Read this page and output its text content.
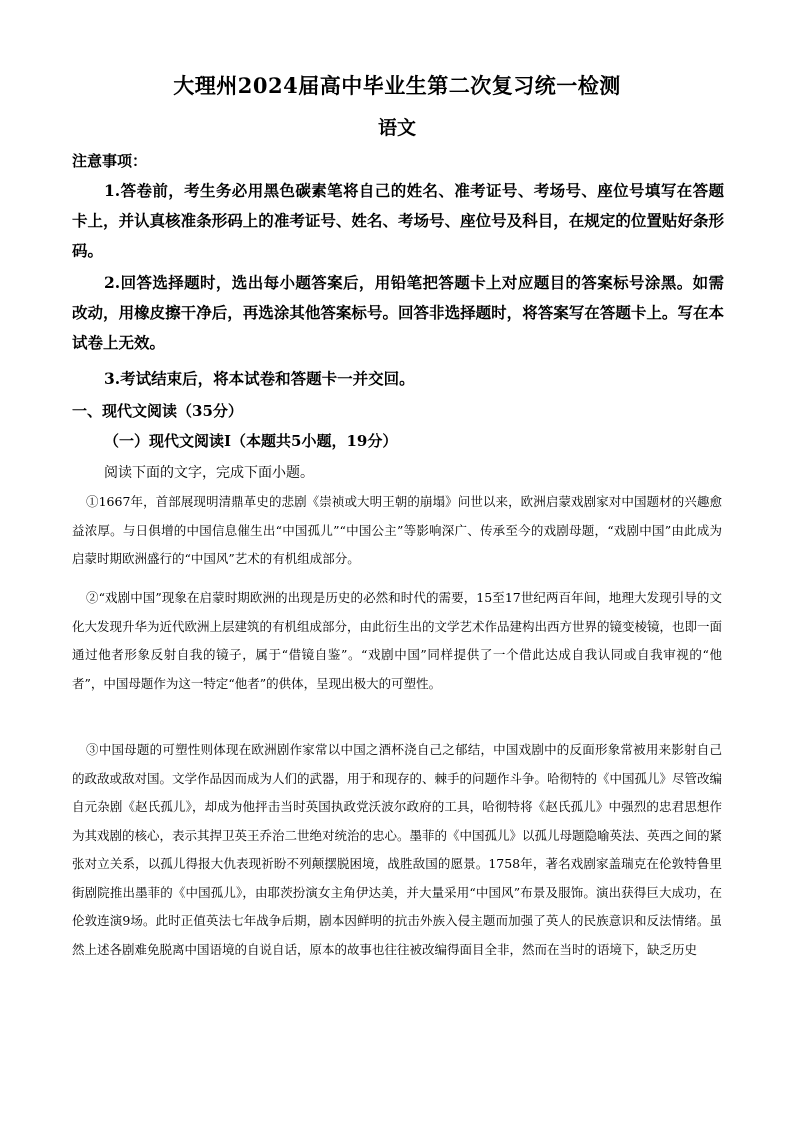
大理州2024届高中毕业生第二次复习统一检测
语文
注意事项：

1.答卷前，考生务必用黑色碳素笔将自己的姓名、准考证号、考场号、座位号填写在答题卡上，并认真核准条形码上的准考证号、姓名、考场号、座位号及科目，在规定的位置贴好条形码。

2.回答选择题时，选出每小题答案后，用铅笔把答题卡上对应题目的答案标号涂黑。如需改动，用橡皮擦干净后，再选涂其他答案标号。回答非选择题时，将答案写在答题卡上。写在本试卷上无效。

3.考试结束后，将本试卷和答题卡一并交回。

一、现代文阅读（35分）

（一）现代文阅读Ⅰ（本题共5小题，19分）

阅读下面的文字，完成下面小题。

①1667年，首部展现明清鼎革史的悲剧《崇祯或大明王朝的崩塌》问世以来，欧洲启蒙戏剧家对中国题材的兴趣愈益浓厚。与日俱增的中国信息催生出“中国孤儿”“中国公主”等影响深广、传承至今的戏剧母题，“戏剧中国”由此成为启蒙时期欧洲盛行的“中国风”艺术的有机组成部分。

②“戏剧中国”现象在启蒙时期欧洲的出现是历史的必然和时代的需要，15至17世纪两百年间，地理大发现引导的文化大发现升华为近代欧洲上层建筑的有机组成部分，由此衍生出的文学艺术作品建构出西方世界的镜变棱镜，也即一面通过他者形象反射自我的镜子，属于“借镜自鉴”。“戏剧中国”同样提供了一个借此达成自我认同或自我审视的“他者”，中国母题作为这一特定“他者”的供体，呈现出极大的可塑性。

③中国母题的可塑性则体现在欧洲剧作家常以中国之酒杯浇自己之郁结，中国戏剧中的反面形象常被用来影射自己的政敌或敌对国。文学作品因而成为人们的武器，用于和现存的、棘手的问题作斗争。哈彻特的《中国孤儿》尽管改编自元杂剧《赵氏孤儿》，却成为他抨击当时英国执政党沃波尔政府的工具，哈彻特将《赵氏孤儿》中强烈的忠君思想作为其戏剧的核心，表示其捍卫英王乔治二世绝对统治的忠心。墨菲的《中国孤儿》以孤儿母题隐喻英法、英西之间的紧张对立关系，以孤儿得报大仇表现祈盼不列颠摆脱困境，战胜敌国的愿景。1758年，著名戏剧家盖瑞克在伦敦特鲁里街剧院推出墨菲的《中国孤儿》，由耶茨扮演女主角伊达美，并大量采用“中国风”布景及服饰。演出获得巨大成功，在伦敦连演9场。此时正值英法七年战争后期，剧本因鲜明的抗击外族入侵主题而加强了英人的民族意识和反法情绪。虽然上述各剧难免脱离中国语境的自说自话，原本的故事也往往被改编得面目全非，然而在当时的语境下，缺乏历史
